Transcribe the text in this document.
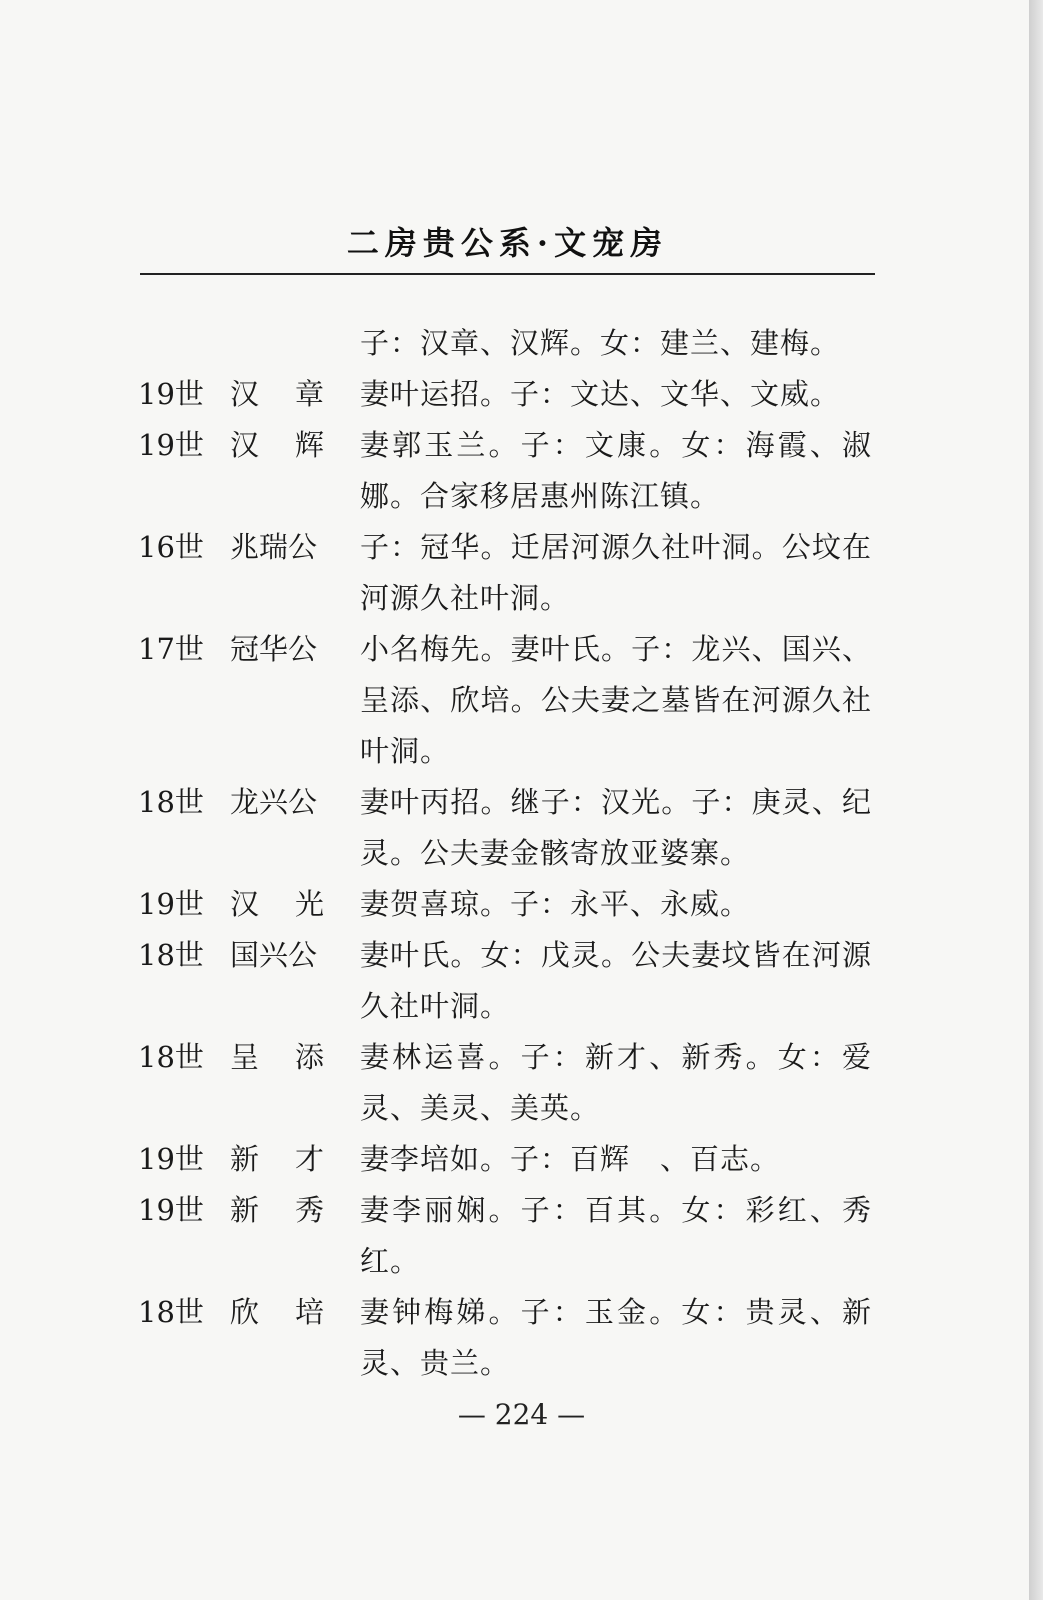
二房贵公系·文宠房
子：汉章、汉辉。女：建兰、建梅。
19世 汉 章 妻叶运招。子：文达、文华、文威。
19世 汉 辉 妻郭玉兰。子：文康。女：海霞、淑娜。合家移居惠州陈江镇。
16世 兆瑞公	子：冠华。迁居河源久社叶洞。公坟在河源久社叶洞。
17世 冠华公	小名梅先。妻叶氏。子：龙兴、国兴、呈添、欣培。公夫妻之墓皆在河源久社叶洞。
18世 龙兴公	妻叶丙招。继子：汉光。子：庚灵、纪灵。公夫妻金骸寄放亚婆寨。
19世 汉 光 妻贺喜琼。子：永平、永威。
18世 国兴公	妻叶氏。女：戊灵。公夫妻坟皆在河源久社叶洞。
18世 呈 添 妻林运喜。子：新才、新秀。女：爱灵、美灵、美英。
19世 新 才 妻李培如。子：百辉　、百志。
19世 新 秀 妻李丽娴。子：百其。女：彩红、秀红。
18世 欣 培 妻钟梅娣。子：玉金。女：贵灵、新灵、贵兰。
— 224 —
